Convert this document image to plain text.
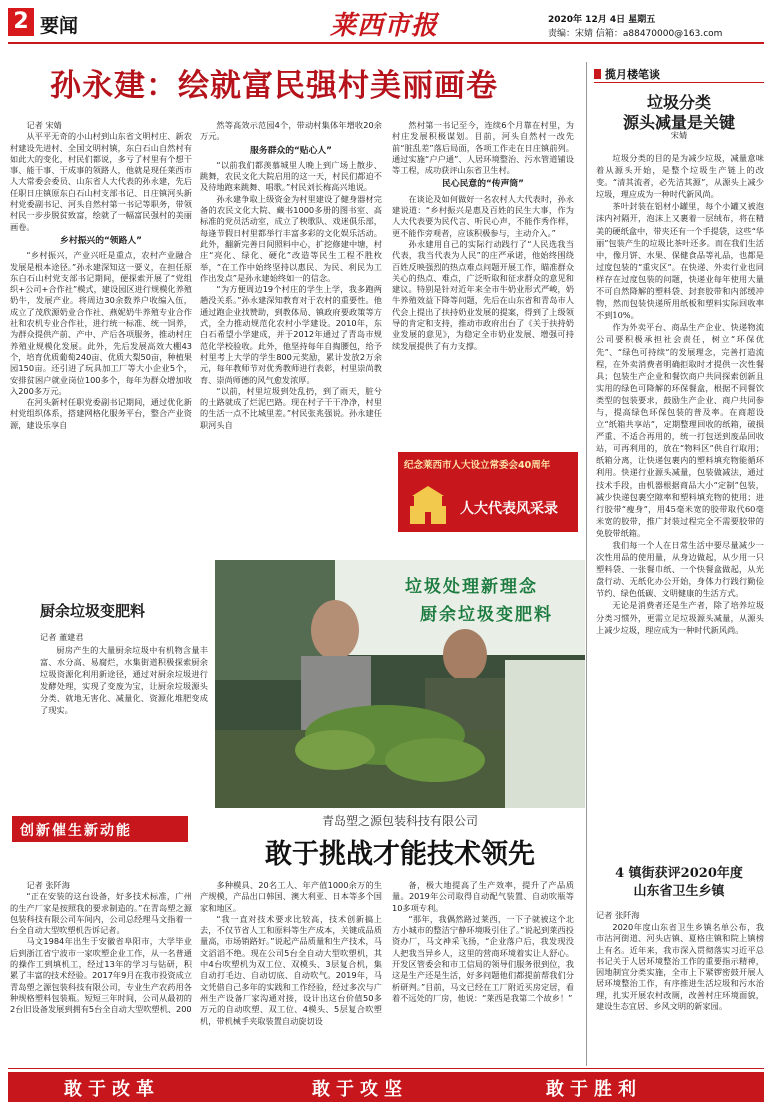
2 要闻	莱西市报	2020年 12月 4日 星期五
责编：宋婧 信箱：a88470000@163.com
孙永建：绘就富民强村美丽画卷
记者 宋婧

从平平无奇的小山村到山东省文明村庄、新农村建设先进村、全国文明村镇，东白石山自然村有如此大的变化，村民们都说，多亏了村里有个想干事、能干事、干成事的领路人，他就是现任莱西市人大常委会委员、山东省人大代表的孙永建，先后任职日庄镇原东白石山村支部书记、日庄镇河头新村党委副书记、河头自然村第一书记等职务，带领村民一步步脱贫致富，绘就了一幅富民强村的美丽画卷。

乡村振兴的“领路人”

“乡村振兴，产业兴旺是重点，农村产业融合发展是根本途径。”孙永建深知这一要义，在担任原东白石山村党支部书记期间，便探索开展了“党组织+公司+合作社”模式，建设园区进行规模化养殖奶牛，发展产业。将周边30余数养户收编入伍，成立了茂欣源奶业合作社、燕妮奶牛养殖专业合作社和农机专业合作社，进行统一标准、统一饲养，为群众提供产前、产中、产后各项服务，推动村庄养殖业规模化发展。此外，先后发展高效大棚43个，培育优质葡萄240亩、优质大梨50亩，种植果园150亩。还引进了玩具加工厂等大小企业5个，安排贫困户就业岗位100多个，每年为群众增加收入200多万元。

在河头新村任职党委副书记期间，通过优化新村党组织体系，搭建网格化服务平台，整合产业资源，建设乐享自

然等高效示范园4个，带动村集体年增收20余万元。

服务群众的“贴心人”

“以前我们都羡慕城里人晚上到广场上散步、跳舞，农民文化大院启用的这一天，村民们都迫不及待地跑来跳舞、唱歌。”村民刘长梅高兴地说。

孙永建争取上级资金为村里建设了健身器材完备的农民文化大院、藏书1000多册的图书室、高标准的党员活动室，成立了秧歌队、戏迷俱乐部，每逢节假日村里都举行丰富多彩的文化娱乐活动。此外，翻新完善日间照料中心，扩挖修建中塘，村庄“亮化、绿化、硬化”改造等民生工程不胜枚举，“在工作中始终坚持以惠民、为民、利民为工作出发点”是孙永建始终如一的信念。

“为方便周边19个村庄的学生上学，我多跑两趟没关系。”孙永建深知教育对于农村的重要性。他通过跑企业找赞助，到教体局、镇政府要政策等方式，全力推动规范化农村小学建设。2010年，东白石希望小学建成，并于2012年通过了青岛市规范化学校验收。此外，他坚持每年自掏腰包，给予村里考上大学的学生800元奖励，累计发放2万余元，每年教师节对优秀教师进行表彰，村里崇尚教育、崇尚师德的风气愈发浓厚。

“以前，村里垃圾到处乱扔，到了雨天，脏兮的土路就成了烂泥巴路。现在村子干干净净，村里的生活一点不比城里差。”村民张兆强说。孙永建任职河头自

然村第一书记至今，连续6个月靠在村里，为村庄发展积极谋划。目前，河头自然村一改先前“脏乱差”落后局面，各项工作走在日庄镇前列。通过实施“户户通”、人居环境整治、污水管道铺设等工程，成功获评山东省卫生村。

民心民意的“传声筒”

在谈论及如何做好一名农村人大代表时，孙永建说道：“乡村振兴是惠及百姓的民生大事，作为人大代表要为民代言、听民心声，不能作秀作样，更不能作旁观者，应该积极参与，主动介入。”

孙永建用自己的实际行动践行了“人民选我当代表，我当代表为人民”的庄严承诺，他始终围绕百姓反映强烈的热点难点问题开展工作，瞄准群众关心的热点、难点，广泛听取和征求群众的意见和建议。特别是针对近年来全市牛奶业形式严峻，奶牛养殖效益下降等问题，先后在山东省和青岛市人代会上提出了扶持奶业发展的提案，得到了上级领导的肯定和支持，推动市政府出台了《关于扶持奶业发展的意见》，为稳定全市奶业发展、增强可持续发展提供了有力支撑。

纪念莱西市人大设立常委会40周年
人大代表风采录
垃圾处理新理念
厨余垃圾变肥料
厨余垃圾变肥料
记者 董建君

厨房产生的大量厨余垃圾中有机物含量丰富、水分高、易腐烂，水集街道积极探索厨余垃圾资源化利用新途径，通过对厨余垃圾进行发酵处理，实现了变废为宝，让厨余垃圾源头分类、就地无害化、减量化、资源化堆肥变成了现实。

揽月楼笔谈
垃圾分类
源头减量是关键
宋婧

垃圾分类的目的是为减少垃圾，减量意味着从源头开始，是整个垃圾生产链上的改变。“清其流者，必先洁其源”，从源头上减少垃圾，理应成为一种时代新风尚。

茶叶封装在铝材小罐里，每个小罐又被泡沫内衬隔开，泡沫上又裹着一层绒布，将在精美的硬纸盒中，带夹还有一个手提袋，这些“华丽”包装产生的垃圾比茶叶还多。而在我们生活中，像月饼、水果、保健食品等礼品，也都是过度包装的“重灾区”。在快递、外卖行业也同样存在过度包装的问题，快递业每年使用大量不可自然降解的塑料袋、封套胶带和内部缓冲物，然而包装快递所用纸板和塑料实际回收率不到10%。

作为外卖平台、商品生产企业、快递物流公司要积极承担社会责任，树立“环保优先”、“绿色可持续”的发展理念，完善打造流程，在外卖消费者明确拒取时才提供一次性餐具；包装生产企业和餐饮商户共同探索创新且实用的绿色可降解的环保餐盒，根据不同餐饮类型的包装要求，鼓励生产企业、商户共同参与，提高绿色环保包装的普及率。在商超设立“纸箱共享站”，定期整理回收的纸箱，破损严重、不适合再用的，统一打包送到废品回收站，可再利用的，放在“物料区”供自行取用；纸箱分离，让快递包裹内的塑料填充物能循环利用。快递行业源头减量，包装做减法，通过技术手段，由机器根据商品大小“定制”包装，减少快递包裹空隙率和塑料填充物的使用；进行胶带“瘦身”，用45毫米宽的胶带取代60毫米宽的胶带，推广封装过程完全不需要胶带的免胶带纸箱。

我们每一个人在日常生活中要尽量减少一次性用品的使用量，从身边做起，从少用一只塑料袋、一张餐巾纸、一个快餐盒做起，从光盘行动、无纸化办公开始，身体力行践行勤俭节约、绿色低碳、文明健康的生活方式。

无论是消费者还是生产者，除了培养垃圾分类习惯外，更需立足垃圾源头减量，从源头上减少垃圾，理应成为一种时代新风尚。

4 镇街获评2020年度
山东省卫生乡镇
记者 张阡海

2020年度山东省卫生乡镇名单公布，我市沽河街道、河头店镇、夏格庄镇和院上镇榜上有名。近年来，我市深入贯彻落实习近平总书记关于人居环境整治工作的重要指示精神，因地制宜分类实施，全市上下紧锣密鼓开展人居环境整治工作，有序推进生活垃圾和污水治理，扎实开展农村改厕，改善村庄环境面貌，建设生态宜居、乡风文明的新家园。

创新催生新动能
青岛塑之源包装科技有限公司
敢于挑战才能技术领先
记者 张阡海

“正在安装的这台设备，好多技术标准，广州的生产厂家是按照我的要求制造的。”在青岛塑之源包装科技有限公司车间内，公司总经理马文指着一台全自动大型吹塑机告诉记者。

马文1984年出生于安徽省阜阳市，大学毕业后到浙江省宁波市一家吹塑企业工作，从一名普通的操作工到填机工，经过13年的学习与钻研，积累了丰富的技术经验。2017年9月在我市投资成立青岛塑之源包装科技有限公司，专业生产农药用各种规格塑料包装瓶。短短三年时间，公司从最初的2台旧设备发展到拥有5台全自动大型吹塑机、200

多种模具、20名工人、年产值1000余万的生产规模，产品出口韩国、澳大利亚、日本等多个国家和地区。

“我一直对技术要求比较高，技术创新搞上去，不仅节省人工和原料等生产成本，关键成品质量高，市场销路好。”说起产品质量和生产技术，马文滔滔不绝。现在公司5台全自动大型吹塑机，其中4台吹塑机为双工位、双模头、3层复合机，集自动打毛边、自动切底、自动吹气。2019年，马文凭借自己多年的实践和工作经验，经过多次与广州生产设备厂家沟通对接，设计出这台价值50多万元的自动吹塑、双工位、4模头、5层复合吹塑机，带机械手夹取装置自动旋切设

备，极大地提高了生产效率，提升了产品质量。2019年公司取得自动配气装置、自动吹瓶等10多项专利。

“那年，我偶然路过莱西，一下子就被这个北方小城市的整洁宁静环境吸引住了。”说起到莱西投资办厂，马文神采飞扬，“企业落户后，我发现没人把我当异乡人，这里的营商环境着实让人舒心。开发区管委会和市工信局的领导们服务很到位，我这是生产还是生活，好多问题他们都提前帮我们分析研判。”目前，马文已经在工厂附近买房定居，看着不远处的厂房，他说：“莱西是我第二个故乡！”

敢于改革	敢于攻坚	敢于胜利
